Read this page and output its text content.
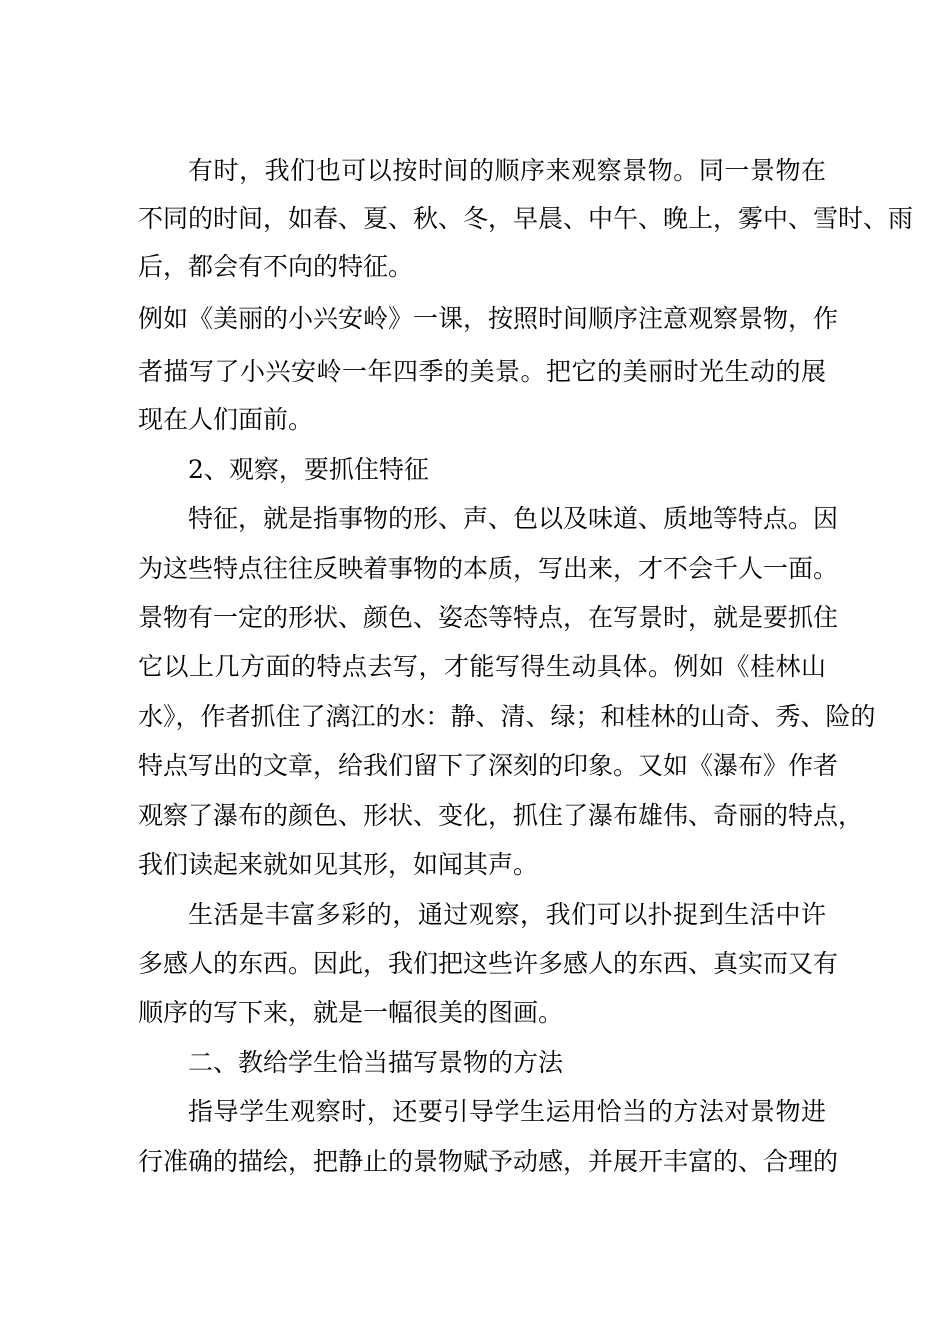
有时，我们也可以按时间的顺序来观察景物。同一景物在
不同的时间，如春、夏、秋、冬，早晨、中午、晚上，雾中、雪时、雨
后，都会有不向的特征。
例如《美丽的小兴安岭》一课，按照时间顺序注意观察景物，作
者描写了小兴安岭一年四季的美景。把它的美丽时光生动的展
现在人们面前。
2、观察，要抓住特征
特征，就是指事物的形、声、色以及味道、质地等特点。因
为这些特点往往反映着事物的本质，写出来，才不会千人一面。
景物有一定的形状、颜色、姿态等特点，在写景时，就是要抓住
它以上几方面的特点去写，才能写得生动具体。例如《桂林山
水》，作者抓住了漓江的水：静、清、绿；和桂林的山奇、秀、险的
特点写出的文章，给我们留下了深刻的印象。又如《瀑布》作者
观察了瀑布的颜色、形状、变化，抓住了瀑布雄伟、奇丽的特点，
我们读起来就如见其形，如闻其声。
生活是丰富多彩的，通过观察，我们可以扑捉到生活中许
多感人的东西。因此，我们把这些许多感人的东西、真实而又有
顺序的写下来，就是一幅很美的图画。
二、教给学生恰当描写景物的方法
指导学生观察时，还要引导学生运用恰当的方法对景物进
行准确的描绘，把静止的景物赋予动感，并展开丰富的、合理的
